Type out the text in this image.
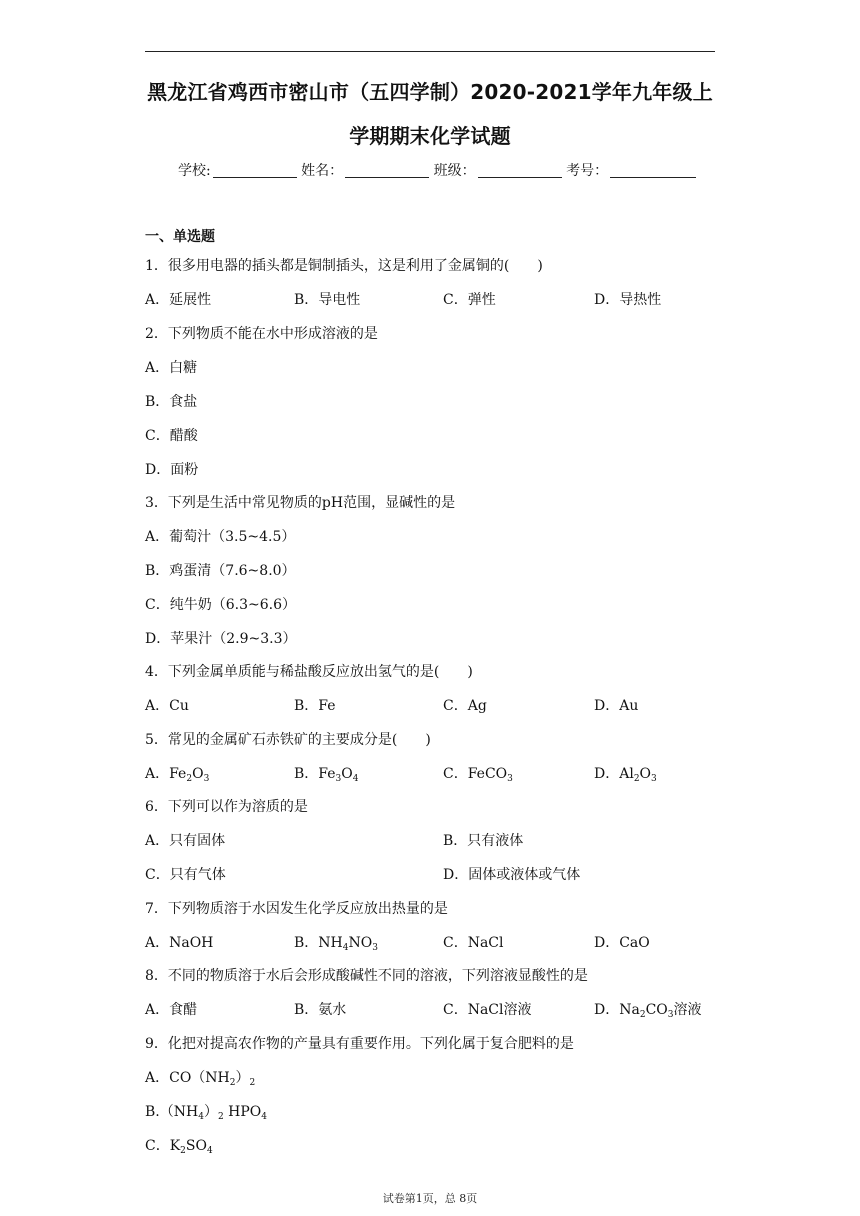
黑龙江省鸡西市密山市（五四学制）2020-2021学年九年级上
学期期末化学试题
学校:	姓名：	班级：	考号：
一、单选题
1．很多用电器的插头都是铜制插头，这是利用了金属铜的(　　)
A．延展性	B．导电性	C．弹性	D．导热性
2．下列物质不能在水中形成溶液的是
A．白糖
B．食盐
C．醋酸
D．面粉
3．下列是生活中常见物质的pH范围，显碱性的是
A．葡萄汁（3.5~4.5）
B．鸡蛋清（7.6~8.0）
C．纯牛奶（6.3~6.6）
D．苹果汁（2.9~3.3）
4．下列金属单质能与稀盐酸反应放出氢气的是(　　)
A．Cu	B．Fe	C．Ag	D．Au
5．常见的金属矿石赤铁矿的主要成分是(　　)
A．$Fe_2O_3$	B．$Fe_3O_4$	C．FeCO$_3$	D．$Al_2O_3$
6．下列可以作为溶质的是
A．只有固体	B．只有液体
C．只有气体	D．固体或液体或气体
7．下列物质溶于水因发生化学反应放出热量的是
A．NaOH	B．$NH_4NO_3$	C．NaCl	D．CaO
8．不同的物质溶于水后会形成酸碱性不同的溶液，下列溶液显酸性的是
A．食醋	B．氨水	C．NaCl溶液	D．$Na_2CO_3$溶液
9．化把对提高农作物的产量具有重要作用。下列化属于复合肥料的是
A．$CO(NH_2)_2$
$B.(NH_4)_2$ $HPO_4$
C．$K_2SO_4$
试卷第1页，总 8页
